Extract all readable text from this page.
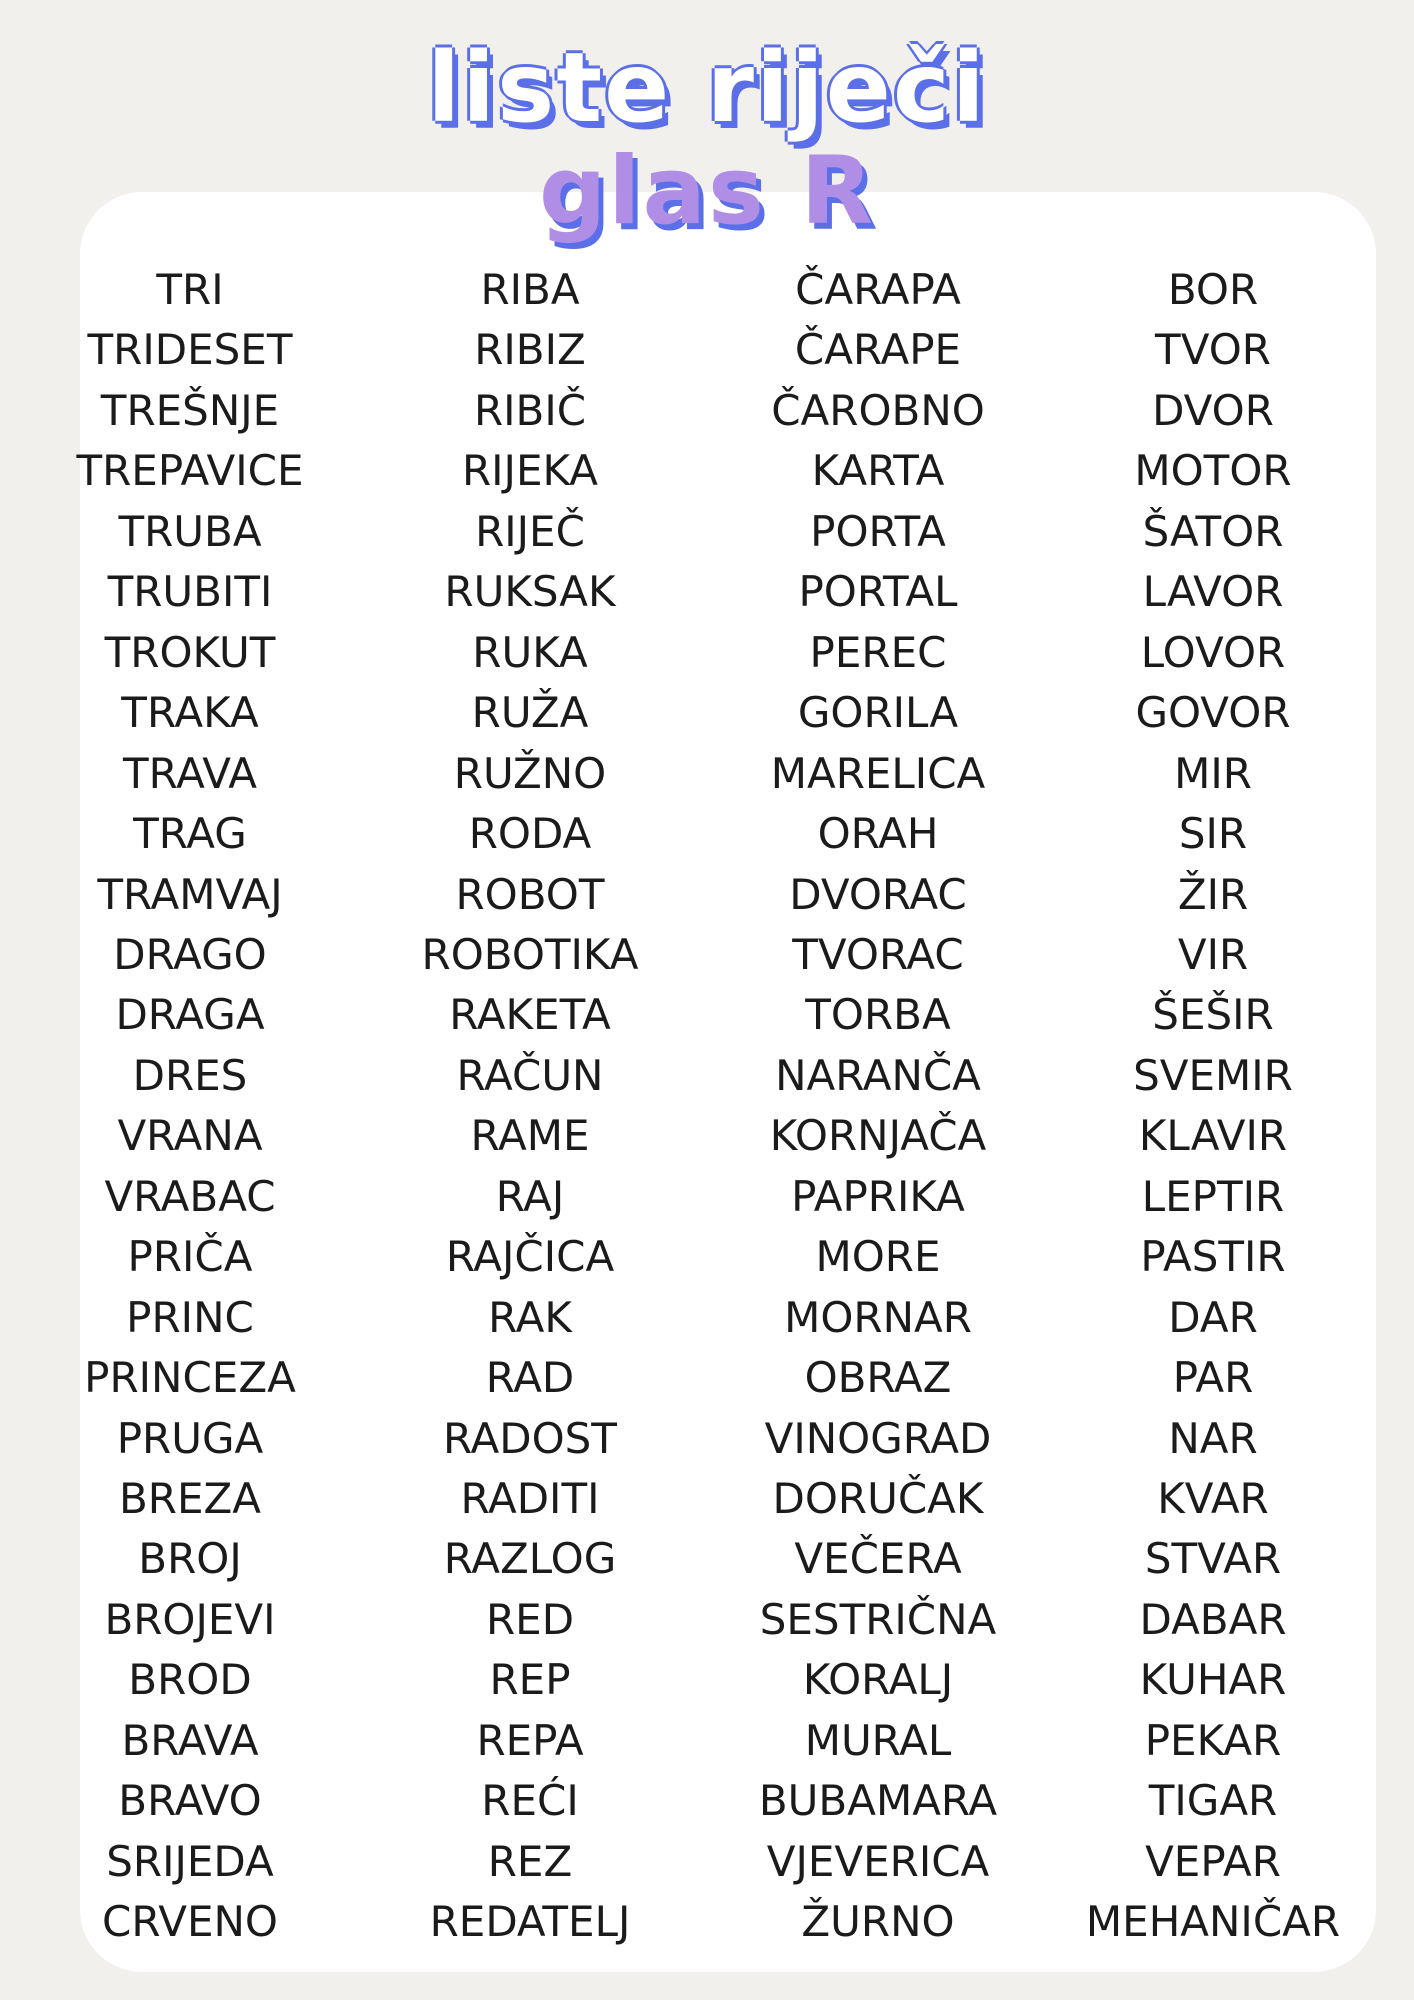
liste riječi
glas R
TRI
TRIDESET
TREŠNJE
TREPAVICE
TRUBA
TRUBITI
TROKUT
TRAKA
TRAVA
TRAG
TRAMVAJ
DRAGO
DRAGA
DRES
VRANA
VRABAC
PRIČA
PRINC
PRINCEZA
PRUGA
BREZA
BROJ
BROJEVI
BROD
BRAVA
BRAVO
SRIJEDA
CRVENO
RIBA
RIBIZ
RIBIČ
RIJEKA
RIJEČ
RUKSAK
RUKA
RUŽA
RUŽNO
RODA
ROBOT
ROBOTIKA
RAKETA
RAČUN
RAME
RAJ
RAJČICA
RAK
RAD
RADOST
RADITI
RAZLOG
RED
REP
REPA
REĆI
REZ
REDATELJ
ČARAPA
ČARAPE
ČAROBNO
KARTA
PORTA
PORTAL
PEREC
GORILA
MARELICA
ORAH
DVORAC
TVORAC
TORBA
NARANČA
KORNJAČA
PAPRIKA
MORE
MORNAR
OBRAZ
VINOGRAD
DORUČAK
VEČERA
SESTRIČNA
KORALJ
MURAL
BUBAMARA
VJEVERICA
ŽURNO
BOR
TVOR
DVOR
MOTOR
ŠATOR
LAVOR
LOVOR
GOVOR
MIR
SIR
ŽIR
VIR
ŠEŠIR
SVEMIR
KLAVIR
LEPTIR
PASTIR
DAR
PAR
NAR
KVAR
STVAR
DABAR
KUHAR
PEKAR
TIGAR
VEPAR
MEHANIČAR
